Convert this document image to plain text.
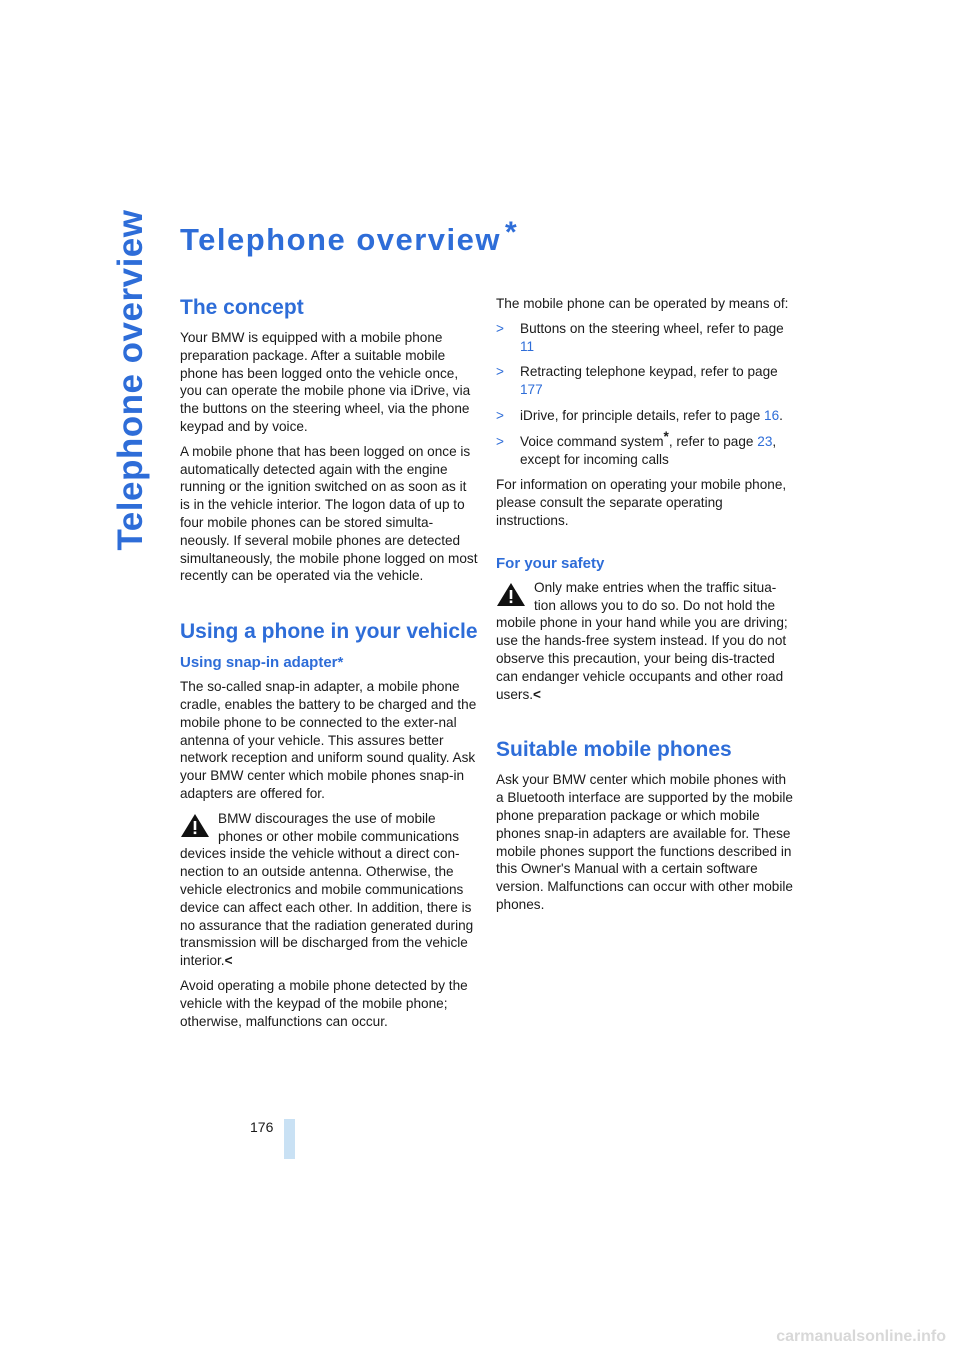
Telephone overview Telephone overview *
The concept

Your BMW is equipped with a mobile phone preparation package. After a suitable mobile phone has been logged onto the vehicle once, you can operate the mobile phone via iDrive, via the buttons on the steering wheel, via the phone keypad and by voice.

A mobile phone that has been logged on once is automatically detected again with the engine running or the ignition switched on as soon as it is in the vehicle interior. The logon data of up to four mobile phones can be stored simulta-neously. If several mobile phones are detected simultaneously, the mobile phone logged on most recently can be operated via the vehicle.

Using a phone in your vehicle
Using snap-in adapter*

The so-called snap-in adapter, a mobile phone cradle, enables the battery to be charged and the mobile phone to be connected to the exter-nal antenna of your vehicle. This assures better network reception and uniform sound quality. Ask your BMW center which mobile phones snap-in adapters are offered for.

BMW discourages the use of mobile phones or other mobile communications devices inside the vehicle without a direct con-nection to an outside antenna. Otherwise, the vehicle electronics and mobile communications device can affect each other. In addition, there is no assurance that the radiation generated during transmission will be discharged from the vehicle interior.<

Avoid operating a mobile phone detected by the vehicle with the keypad of the mobile phone; otherwise, malfunctions can occur.

The mobile phone can be operated by means of:

> Buttons on the steering wheel, refer to page 11
> Retracting telephone keypad, refer to page 177
> iDrive, for principle details, refer to page 16.
> Voice command system*, refer to page 23, except for incoming calls

For information on operating your mobile phone, please consult the separate operating instructions.

For your safety

Only make entries when the traffic situa-tion allows you to do so. Do not hold the mobile phone in your hand while you are driving; use the hands-free system instead. If you do not observe this precaution, your being dis-tracted can endanger vehicle occupants and other road users.<

Suitable mobile phones

Ask your BMW center which mobile phones with a Bluetooth interface are supported by the mobile phone preparation package or which mobile phones snap-in adapters are available for. These mobile phones support the functions described in this Owner's Manual with a certain software version. Malfunctions can occur with other mobile phones.

176
carmanualsonline.info
